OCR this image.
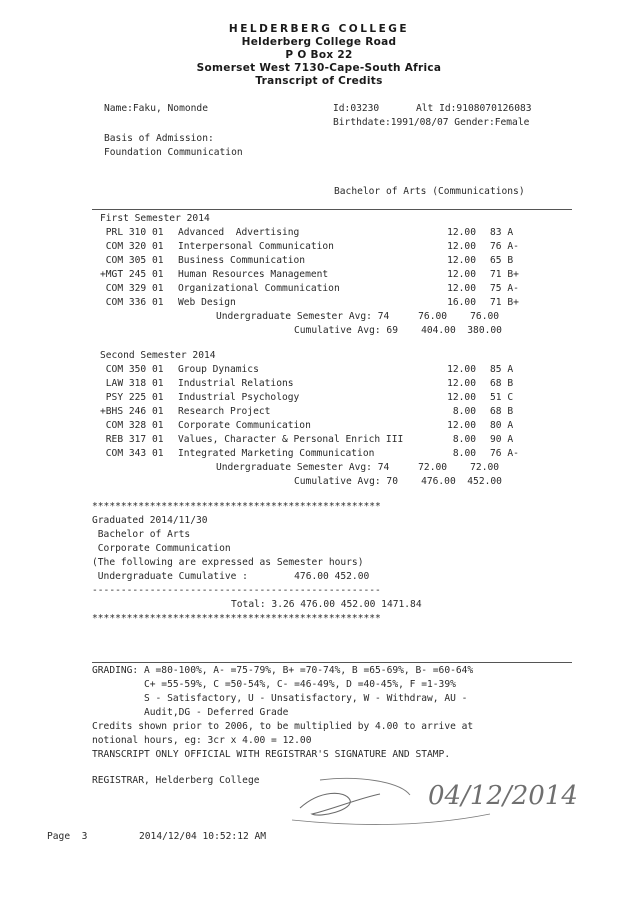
HELDERBERG COLLEGE
Helderberg College Road
P O Box 22
Somerset West 7130-Cape-South Africa
Transcript of Credits
Name:Faku, Nomonde	Id:03230	Alt Id:9108070126083
Birthdate:1991/08/07 Gender:Female
Basis of Admission:
Foundation Communication
Bachelor of Arts (Communications)
First Semester 2014
PRL 310 01 Advanced  Advertising	12.00 83 A
COM 320 01 Interpersonal Communication	12.00 76 A-
COM 305 01 Business Communication	12.00 65 B
+MGT 245 01 Human Resources Management	12.00 71 B+
COM 329 01 Organizational Communication	12.00 75 A-
COM 336 01 Web Design	16.00 71 B+
Undergraduate Semester Avg: 74     76.00    76.00
Cumulative Avg: 69    404.00  380.00
Second Semester 2014
COM 350 01 Group Dynamics	12.00 85 A
LAW 318 01 Industrial Relations	12.00 68 B
PSY 225 01 Industrial Psychology	12.00 51 C
+BHS 246 01 Research Project	8.00 68 B
COM 328 01 Corporate Communication	12.00 80 A
REB 317 01 Values, Character & Personal Enrich III	8.00 90 A
COM 343 01 Integrated Marketing Communication	8.00 76 A-
Undergraduate Semester Avg: 74     72.00    72.00
Cumulative Avg: 70    476.00  452.00
**************************************************
Graduated 2014/11/30
Bachelor of Arts
Corporate Communication
(The following are expressed as Semester hours)
Undergraduate Cumulative :        476.00 452.00
--------------------------------------------------
Total: 3.26 476.00 452.00 1471.84
**************************************************
GRADING: A =80-100%, A- =75-79%, B+ =70-74%, B =65-69%, B- =60-64%
C+ =55-59%, C =50-54%, C- =46-49%, D =40-45%, F =1-39%
S - Satisfactory, U - Unsatisfactory, W - Withdraw, AU -
Audit,DG - Deferred Grade
Credits shown prior to 2006, to be multiplied by 4.00 to arrive at
notional hours, eg: 3cr x 4.00 = 12.00
TRANSCRIPT ONLY OFFICIAL WITH REGISTRAR'S SIGNATURE AND STAMP.
REGISTRAR, Helderberg College
04/12/2014
Page  3	2014/12/04 10:52:12 AM
